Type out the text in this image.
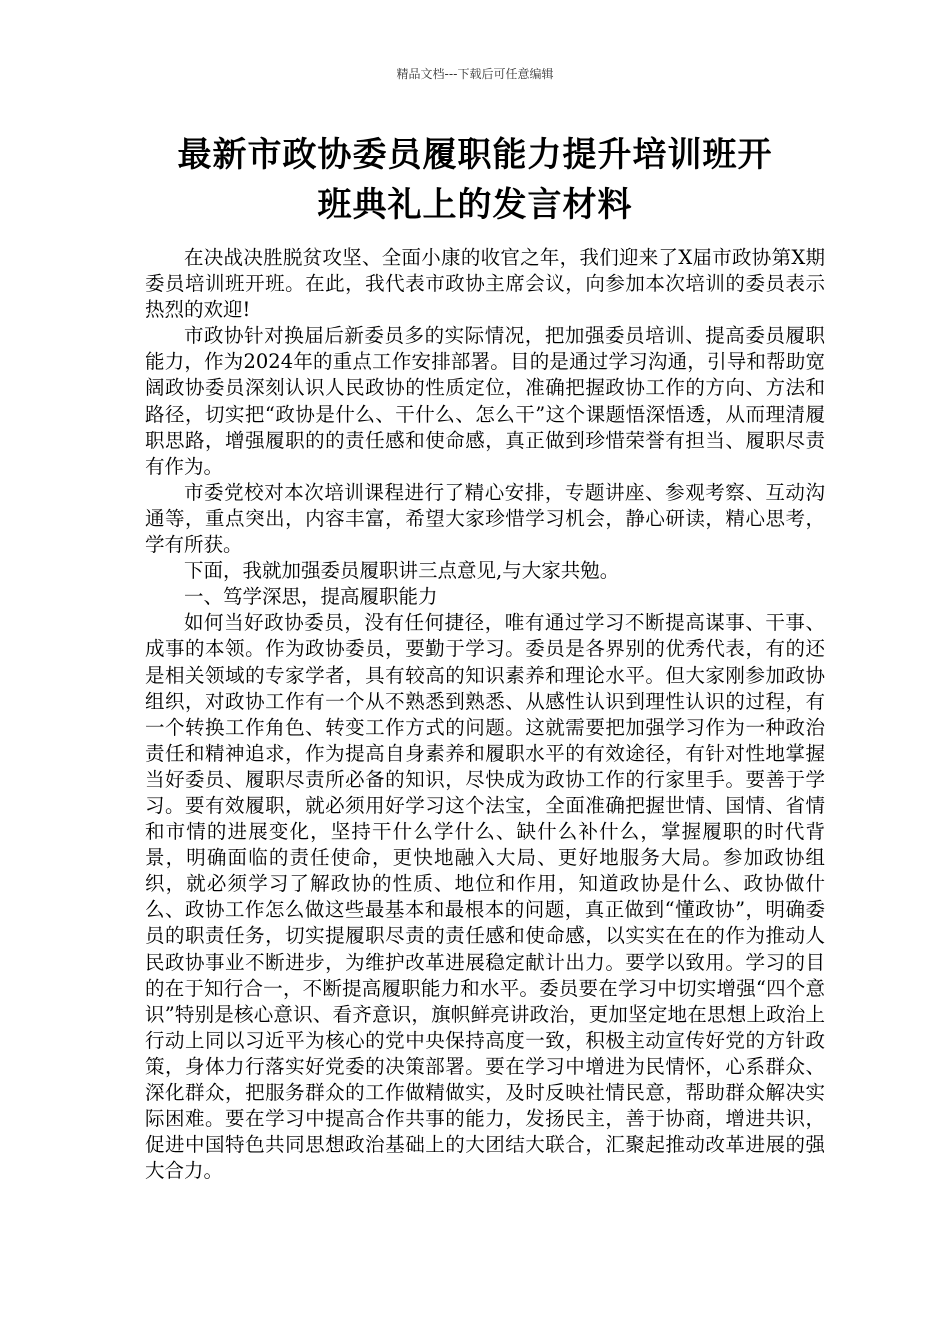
精品文档---下载后可任意编辑
最新市政协委员履职能力提升培训班开
班典礼上的发言材料

在决战决胜脱贫攻坚、全面小康的收官之年，我们迎来了X届市政协第X期委员培训班开班。在此，我代表市政协主席会议，向参加本次培训的委员表示热烈的欢迎!

市政协针对换届后新委员多的实际情况，把加强委员培训、提高委员履职能力，作为2024年的重点工作安排部署。目的是通过学习沟通，引导和帮助宽阔政协委员深刻认识人民政协的性质定位，准确把握政协工作的方向、方法和路径，切实把“政协是什么、干什么、怎么干”这个课题悟深悟透，从而理清履职思路，增强履职的的责任感和使命感，真正做到珍惜荣誉有担当、履职尽责有作为。

市委党校对本次培训课程进行了精心安排，专题讲座、参观考察、互动沟通等，重点突出，内容丰富，希望大家珍惜学习机会，静心研读，精心思考，学有所获。

下面，我就加强委员履职讲三点意见,与大家共勉。

一、笃学深思，提高履职能力

如何当好政协委员，没有任何捷径，唯有通过学习不断提高谋事、干事、成事的本领。作为政协委员，要勤于学习。委员是各界别的优秀代表，有的还是相关领域的专家学者，具有较高的知识素养和理论水平。但大家刚参加政协组织，对政协工作有一个从不熟悉到熟悉、从感性认识到理性认识的过程，有一个转换工作角色、转变工作方式的问题。这就需要把加强学习作为一种政治责任和精神追求，作为提高自身素养和履职水平的有效途径，有针对性地掌握当好委员、履职尽责所必备的知识，尽快成为政协工作的行家里手。要善于学习。要有效履职，就必须用好学习这个法宝，全面准确把握世情、国情、省情和市情的进展变化，坚持干什么学什么、缺什么补什么，掌握履职的时代背景，明确面临的责任使命，更快地融入大局、更好地服务大局。参加政协组织，就必须学习了解政协的性质、地位和作用，知道政协是什么、政协做什么、政协工作怎么做这些最基本和最根本的问题，真正做到“懂政协”，明确委员的职责任务，切实提履职尽责的责任感和使命感，以实实在在的作为推动人民政协事业不断进步，为维护改革进展稳定献计出力。要学以致用。学习的目的在于知行合一，不断提高履职能力和水平。委员要在学习中切实增强“四个意识”特别是核心意识、看齐意识，旗帜鲜亮讲政治，更加坚定地在思想上政治上行动上同以习近平为核心的党中央保持高度一致，积极主动宣传好党的方针政策，身体力行落实好党委的决策部署。要在学习中增进为民情怀，心系群众、深化群众，把服务群众的工作做精做实，及时反映社情民意，帮助群众解决实际困难。要在学习中提高合作共事的能力，发扬民主，善于协商，增进共识，促进中国特色共同思想政治基础上的大团结大联合，汇聚起推动改革进展的强大合力。
